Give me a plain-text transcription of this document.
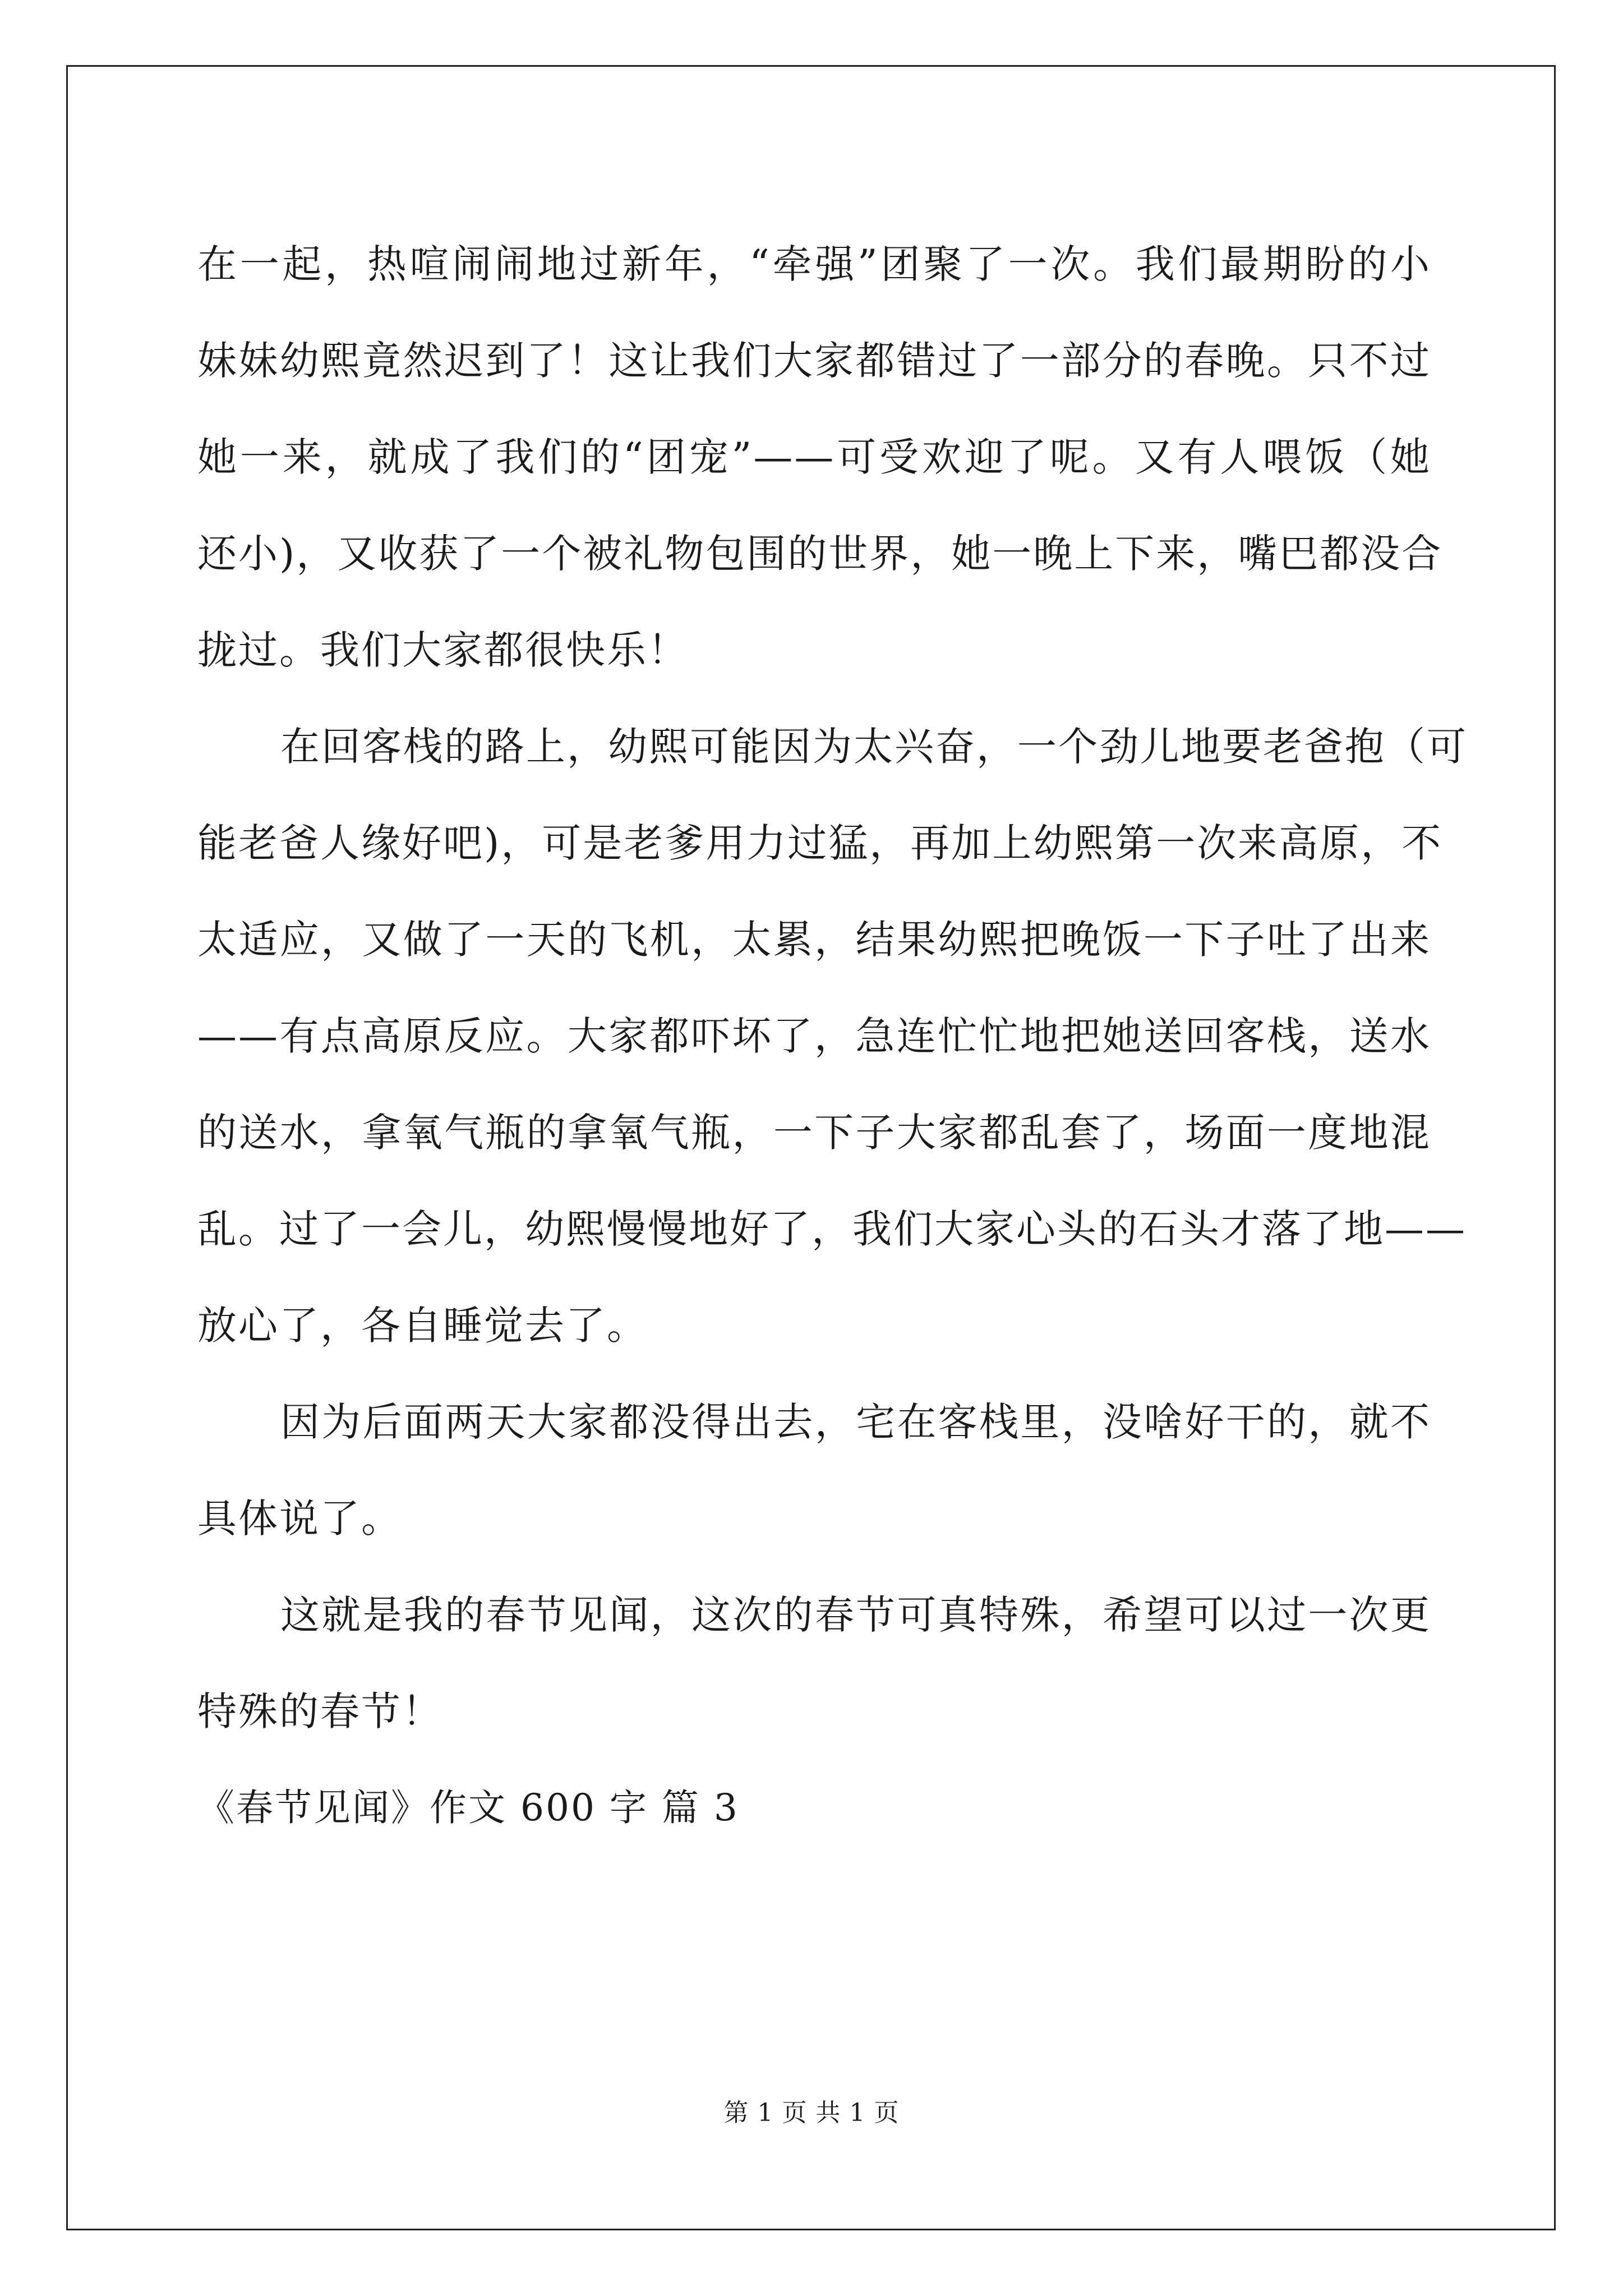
在一起，热喧闹闹地过新年，“牵强”团聚了一次。我们最期盼的小
妹妹幼熙竟然迟到了！这让我们大家都错过了一部分的春晚。只不过
她一来，就成了我们的“团宠”——可受欢迎了呢。又有人喂饭（她
还小)，又收获了一个被礼物包围的世界，她一晚上下来，嘴巴都没合
拢过。我们大家都很快乐！
在回客栈的路上，幼熙可能因为太兴奋，一个劲儿地要老爸抱（可
能老爸人缘好吧)，可是老爹用力过猛，再加上幼熙第一次来高原，不
太适应，又做了一天的飞机，太累，结果幼熙把晚饭一下子吐了出来
——有点高原反应。大家都吓坏了，急连忙忙地把她送回客栈，送水
的送水，拿氧气瓶的拿氧气瓶，一下子大家都乱套了，场面一度地混
乱。过了一会儿，幼熙慢慢地好了，我们大家心头的石头才落了地——
放心了，各自睡觉去了。
因为后面两天大家都没得出去，宅在客栈里，没啥好干的，就不
具体说了。
这就是我的春节见闻，这次的春节可真特殊，希望可以过一次更
特殊的春节！
《春节见闻》作文 600 字 篇 3
第 1 页 共 1 页
